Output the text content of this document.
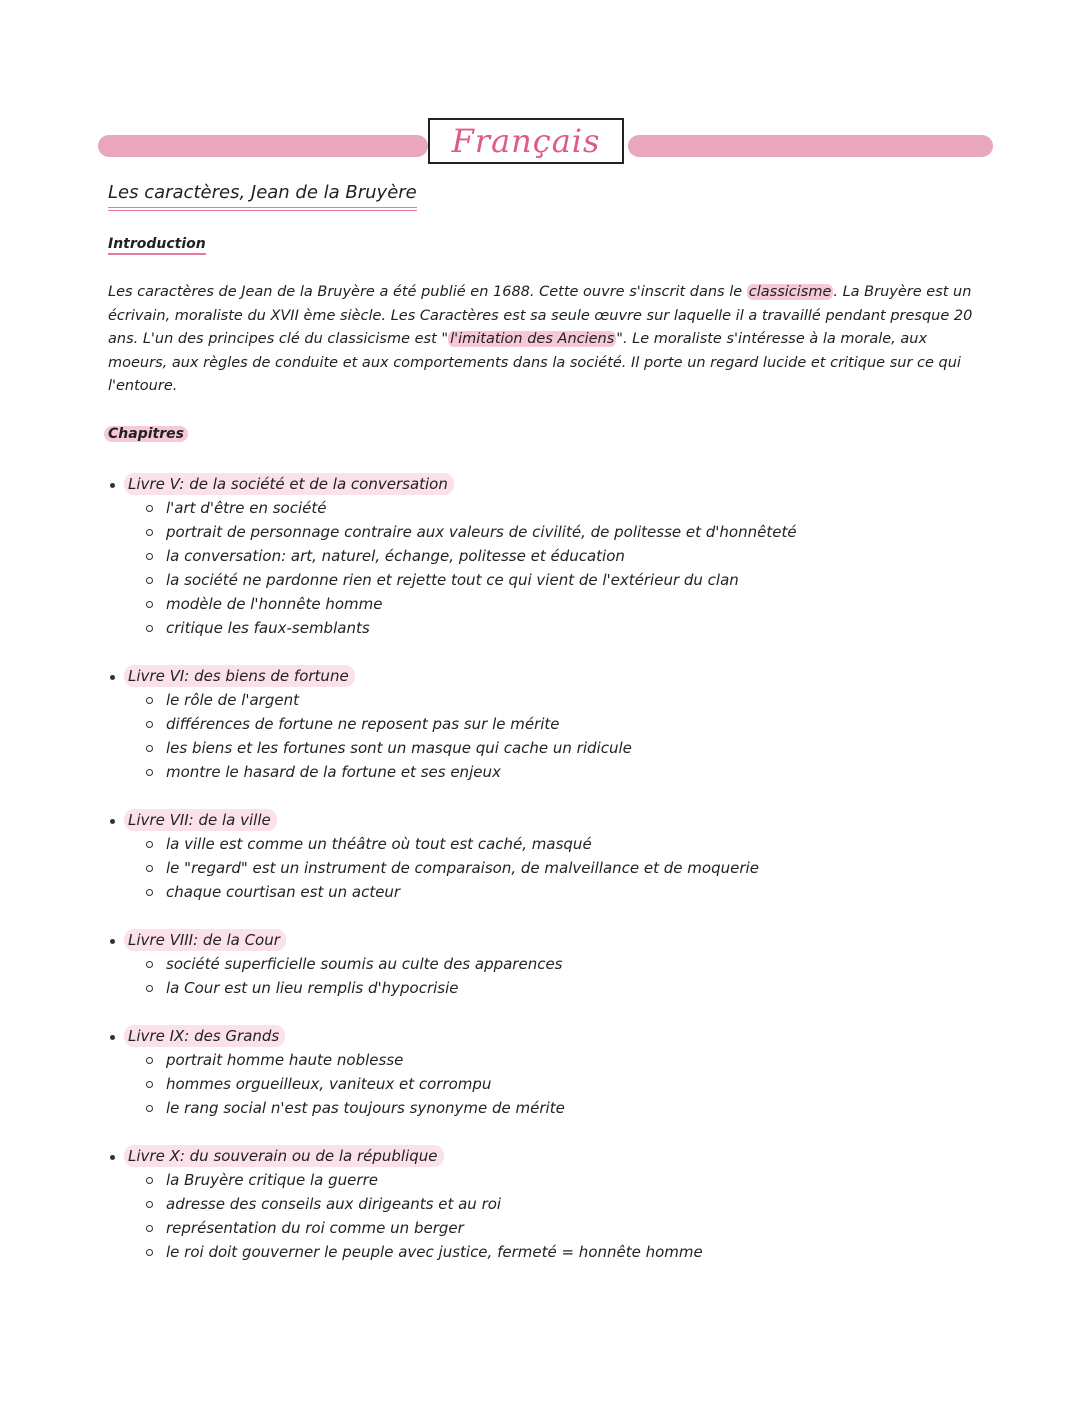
Français
Les caractères, Jean de la Bruyère
Introduction
Les caractères de Jean de la Bruyère a été publié en 1688. Cette ouvre s'inscrit dans le classicisme . La Bruyère est un écrivain, moraliste du XVII ème siècle. Les Caractères est sa seule œuvre sur laquelle il a travaillé pendant presque 20 ans. L'un des principes clé du classicisme est " l'imitation des Anciens ". Le moraliste s'intéresse à la morale, aux moeurs, aux règles de conduite et aux comportements dans la société. Il porte un regard lucide et critique sur ce qui l'entoure.
Chapitres
Livre V: de la société et de la conversation
l'art d'être en société
portrait de personnage contraire aux valeurs de civilité, de politesse et d'honnêteté
la conversation: art, naturel, échange, politesse et éducation
la société ne pardonne rien et rejette tout ce qui vient de l'extérieur du clan
modèle de l'honnête homme
critique les faux-semblants
Livre VI: des biens de fortune
le rôle de l'argent
différences de fortune ne reposent pas sur le mérite
les biens et les fortunes sont un masque qui cache un ridicule
montre le hasard de la fortune et ses enjeux
Livre VII: de la ville
la ville est comme un théâtre où tout est caché, masqué
le "regard" est un instrument de comparaison, de malveillance et de moquerie
chaque courtisan est un acteur
Livre VIII: de la Cour
société superficielle soumis au culte des apparences
la Cour est un lieu remplis d'hypocrisie
Livre IX: des Grands
portrait homme haute noblesse
hommes orgueilleux, vaniteux et corrompu
le rang social n'est pas toujours synonyme de mérite
Livre X: du souverain ou de la république
la Bruyère critique la guerre
adresse des conseils aux dirigeants et au roi
représentation du roi comme un berger
le roi doit gouverner le peuple avec justice, fermeté = honnête homme
